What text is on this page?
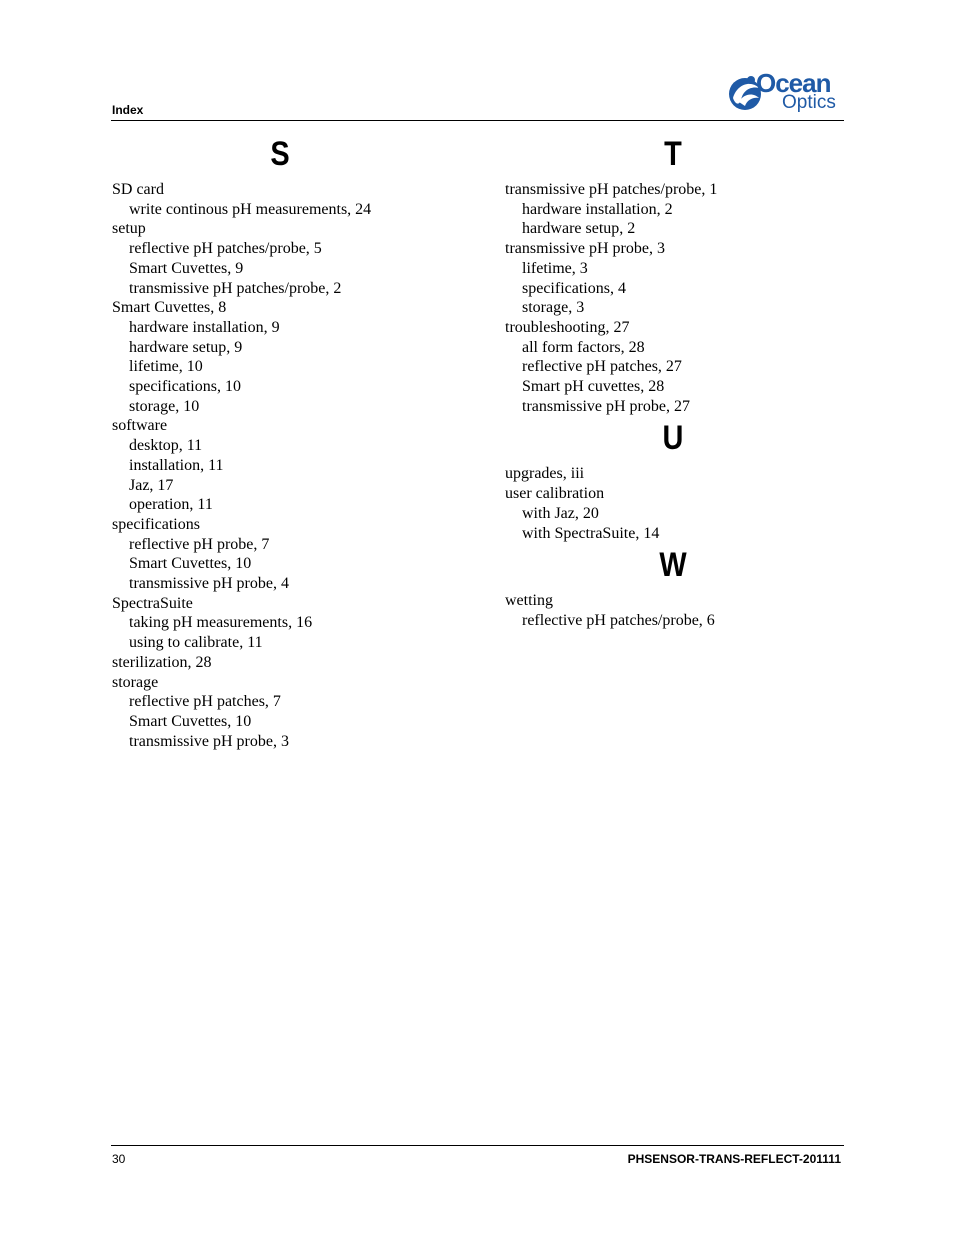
Index
Ocean
Optics
S
SD card
write continous pH measurements, 24
setup
reflective pH patches/probe, 5
Smart Cuvettes, 9
transmissive pH patches/probe, 2
Smart Cuvettes, 8
hardware installation, 9
hardware setup, 9
lifetime, 10
specifications, 10
storage, 10
software
desktop, 11
installation, 11
Jaz, 17
operation, 11
specifications
reflective pH probe, 7
Smart Cuvettes, 10
transmissive pH probe, 4
SpectraSuite
taking pH measurements, 16
using to calibrate, 11
sterilization, 28
storage
reflective pH patches, 7
Smart Cuvettes, 10
transmissive pH probe, 3
T
transmissive pH patches/probe, 1
hardware installation, 2
hardware setup, 2
transmissive pH probe, 3
lifetime, 3
specifications, 4
storage, 3
troubleshooting, 27
all form factors, 28
reflective pH patches, 27
Smart pH cuvettes, 28
transmissive pH probe, 27
U
upgrades, iii
user calibration
with Jaz, 20
with SpectraSuite, 14
W
wetting
reflective pH patches/probe, 6
30	PHSENSOR-TRANS-REFLECT-201111
